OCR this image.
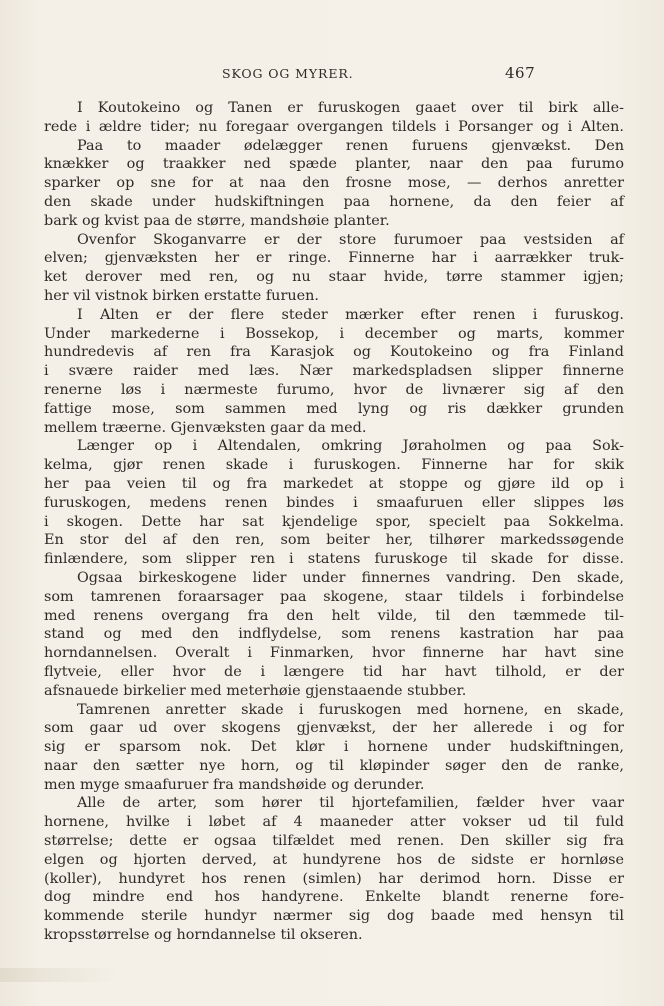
SKOG OG MYRER.	467
I Koutokeino og Tanen er furuskogen gaaet over til birk alle-
rede i ældre tider; nu foregaar overgangen tildels i Porsanger og i Alten.
Paa to maader ødelægger renen furuens gjenvækst. Den
knækker og traakker ned spæde planter, naar den paa furumo
sparker op sne for at naa den frosne mose, — derhos anretter
den skade under hudskiftningen paa hornene, da den feier af
bark og kvist paa de større, mandshøie planter.
Ovenfor Skoganvarre er der store furumoer paa vestsiden af
elven; gjenvæksten her er ringe. Finnerne har i aarrækker truk-
ket derover med ren, og nu staar hvide, tørre stammer igjen;
her vil vistnok birken erstatte furuen.
I Alten er der flere steder mærker efter renen i furuskog.
Under markederne i Bossekop, i december og marts, kommer
hundredevis af ren fra Karasjok og Koutokeino og fra Finland
i svære raider med læs. Nær markedspladsen slipper finnerne
renerne løs i nærmeste furumo, hvor de livnærer sig af den
fattige mose, som sammen med lyng og ris dækker grunden
mellem træerne. Gjenvæksten gaar da med.
Længer op i Altendalen, omkring Jøraholmen og paa Sok-
kelma, gjør renen skade i furuskogen. Finnerne har for skik
her paa veien til og fra markedet at stoppe og gjøre ild op i
furuskogen, medens renen bindes i smaafuruen eller slippes løs
i skogen. Dette har sat kjendelige spor, specielt paa Sokkelma.
En stor del af den ren, som beiter her, tilhører markedssøgende
finlændere, som slipper ren i statens furuskoge til skade for disse.
Ogsaa birkeskogene lider under finnernes vandring. Den skade,
som tamrenen foraarsager paa skogene, staar tildels i forbindelse
med renens overgang fra den helt vilde, til den tæmmede til-
stand og med den indflydelse, som renens kastration har paa
horndannelsen. Overalt i Finmarken, hvor finnerne har havt sine
flytveie, eller hvor de i længere tid har havt tilhold, er der
afsnauede birkelier med meterhøie gjenstaaende stubber.
Tamrenen anretter skade i furuskogen med hornene, en skade,
som gaar ud over skogens gjenvækst, der her allerede i og for
sig er sparsom nok. Det klør i hornene under hudskiftningen,
naar den sætter nye horn, og til kløpinder søger den de ranke,
men myge smaafuruer fra mandshøide og derunder.
Alle de arter, som hører til hjortefamilien, fælder hver vaar
hornene, hvilke i løbet af 4 maaneder atter vokser ud til fuld
størrelse; dette er ogsaa tilfældet med renen. Den skiller sig fra
elgen og hjorten derved, at hundyrene hos de sidste er hornløse
(koller), hundyret hos renen (simlen) har derimod horn. Disse er
dog mindre end hos handyrene. Enkelte blandt renerne fore-
kommende sterile hundyr nærmer sig dog baade med hensyn til
kropsstørrelse og horndannelse til okseren.
